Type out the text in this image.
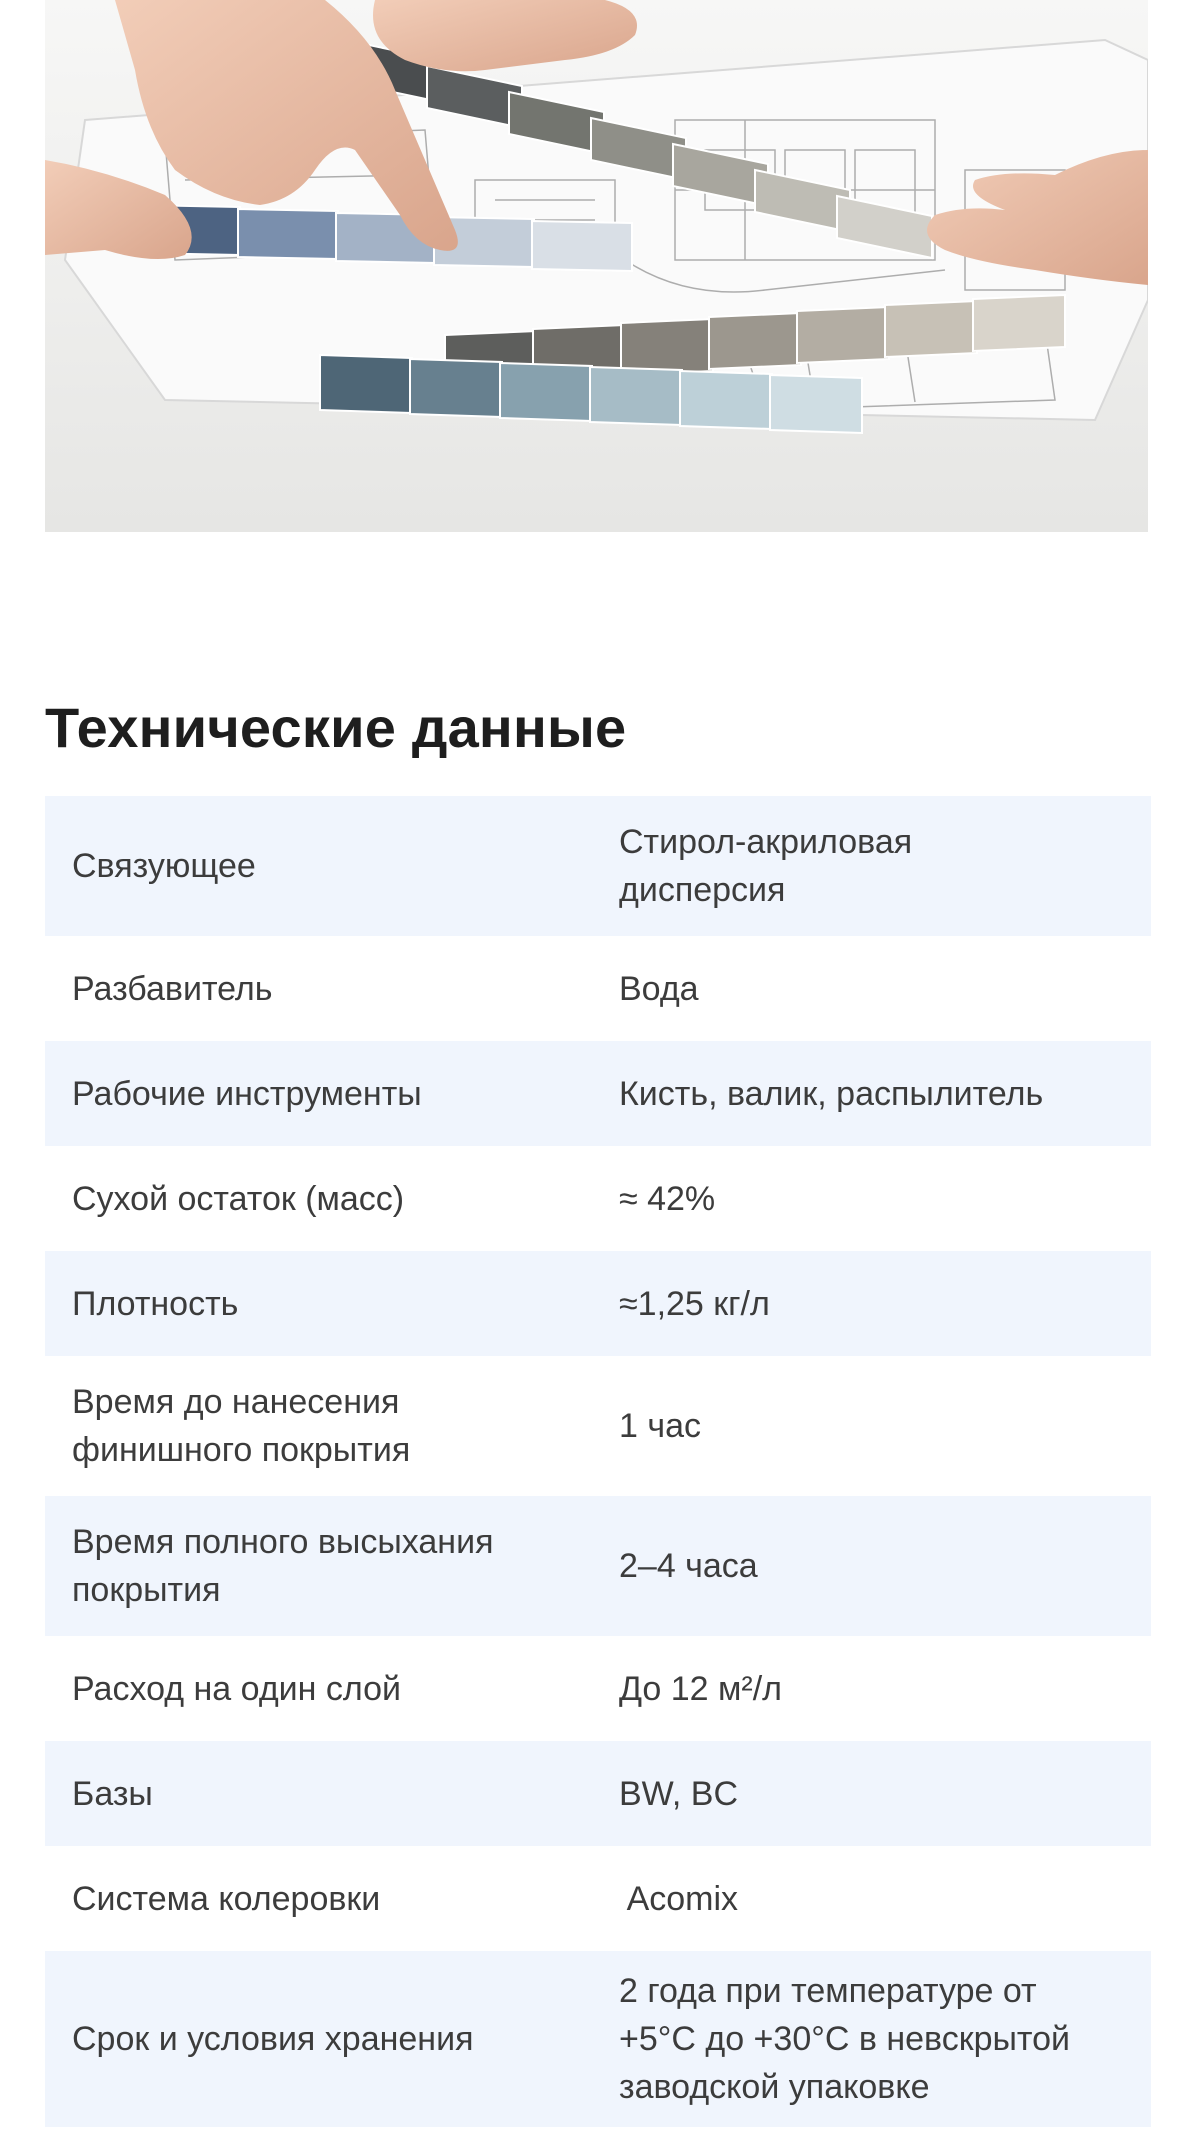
Технические данные
Связующее	Стирол-акриловая
дисперсия
Разбавитель	Вода
Рабочие инструменты	Кисть, валик, распылитель
Сухой остаток (масс)	≈ 42%
Плотность	≈1,25 кг/л
Время до нанесения
финишного покрытия	1 час
Время полного высыхания
покрытия	2–4 часа
Расход на один слой	До 12 м²/л
Базы	BW, BC
Система колеровки	Acomix
Срок и условия хранения	2 года при температуре от
+5°С до +30°С в невскрытой
заводской упаковке
